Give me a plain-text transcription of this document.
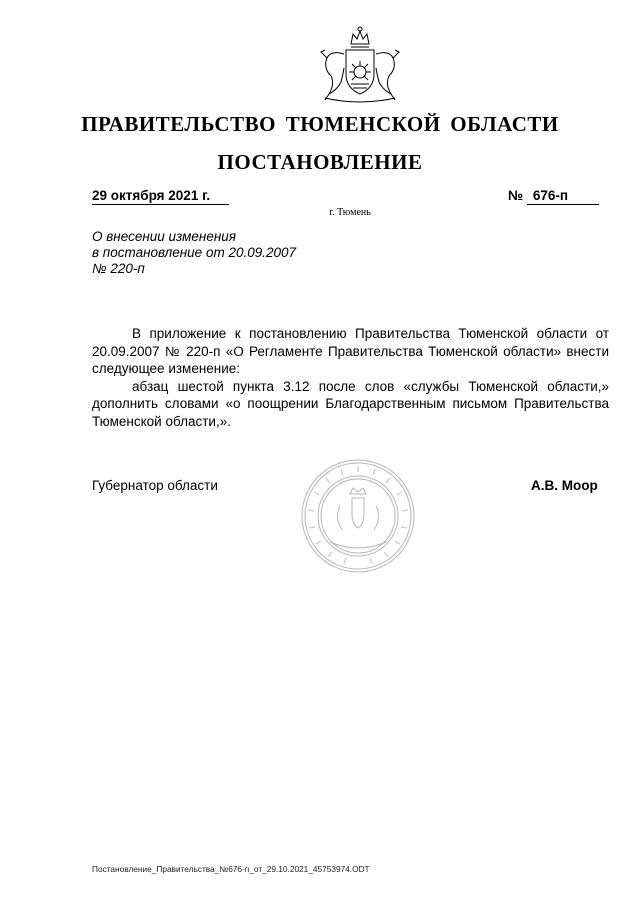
ПРАВИТЕЛЬСТВО ТЮМЕНСКОЙ ОБЛАСТИ
ПОСТАНОВЛЕНИЕ
29 октября 2021 г.	№ 676-п
г. Тюмень
О внесении изменения
в постановление от 20.09.2007
№ 220-п

В приложение к постановлению Правительства Тюменской области от 20.09.2007 № 220-п «О Регламенте Правительства Тюменской области» внести следующее изменение:

абзац шестой пункта 3.12 после слов «службы Тюменской области,» дополнить словами «о поощрении Благодарственным письмом Правительства Тюменской области,».

Губернатор области	А.В. Моор
Постановление_Правительства_№676-п_от_29.10.2021_45753974.ODT
